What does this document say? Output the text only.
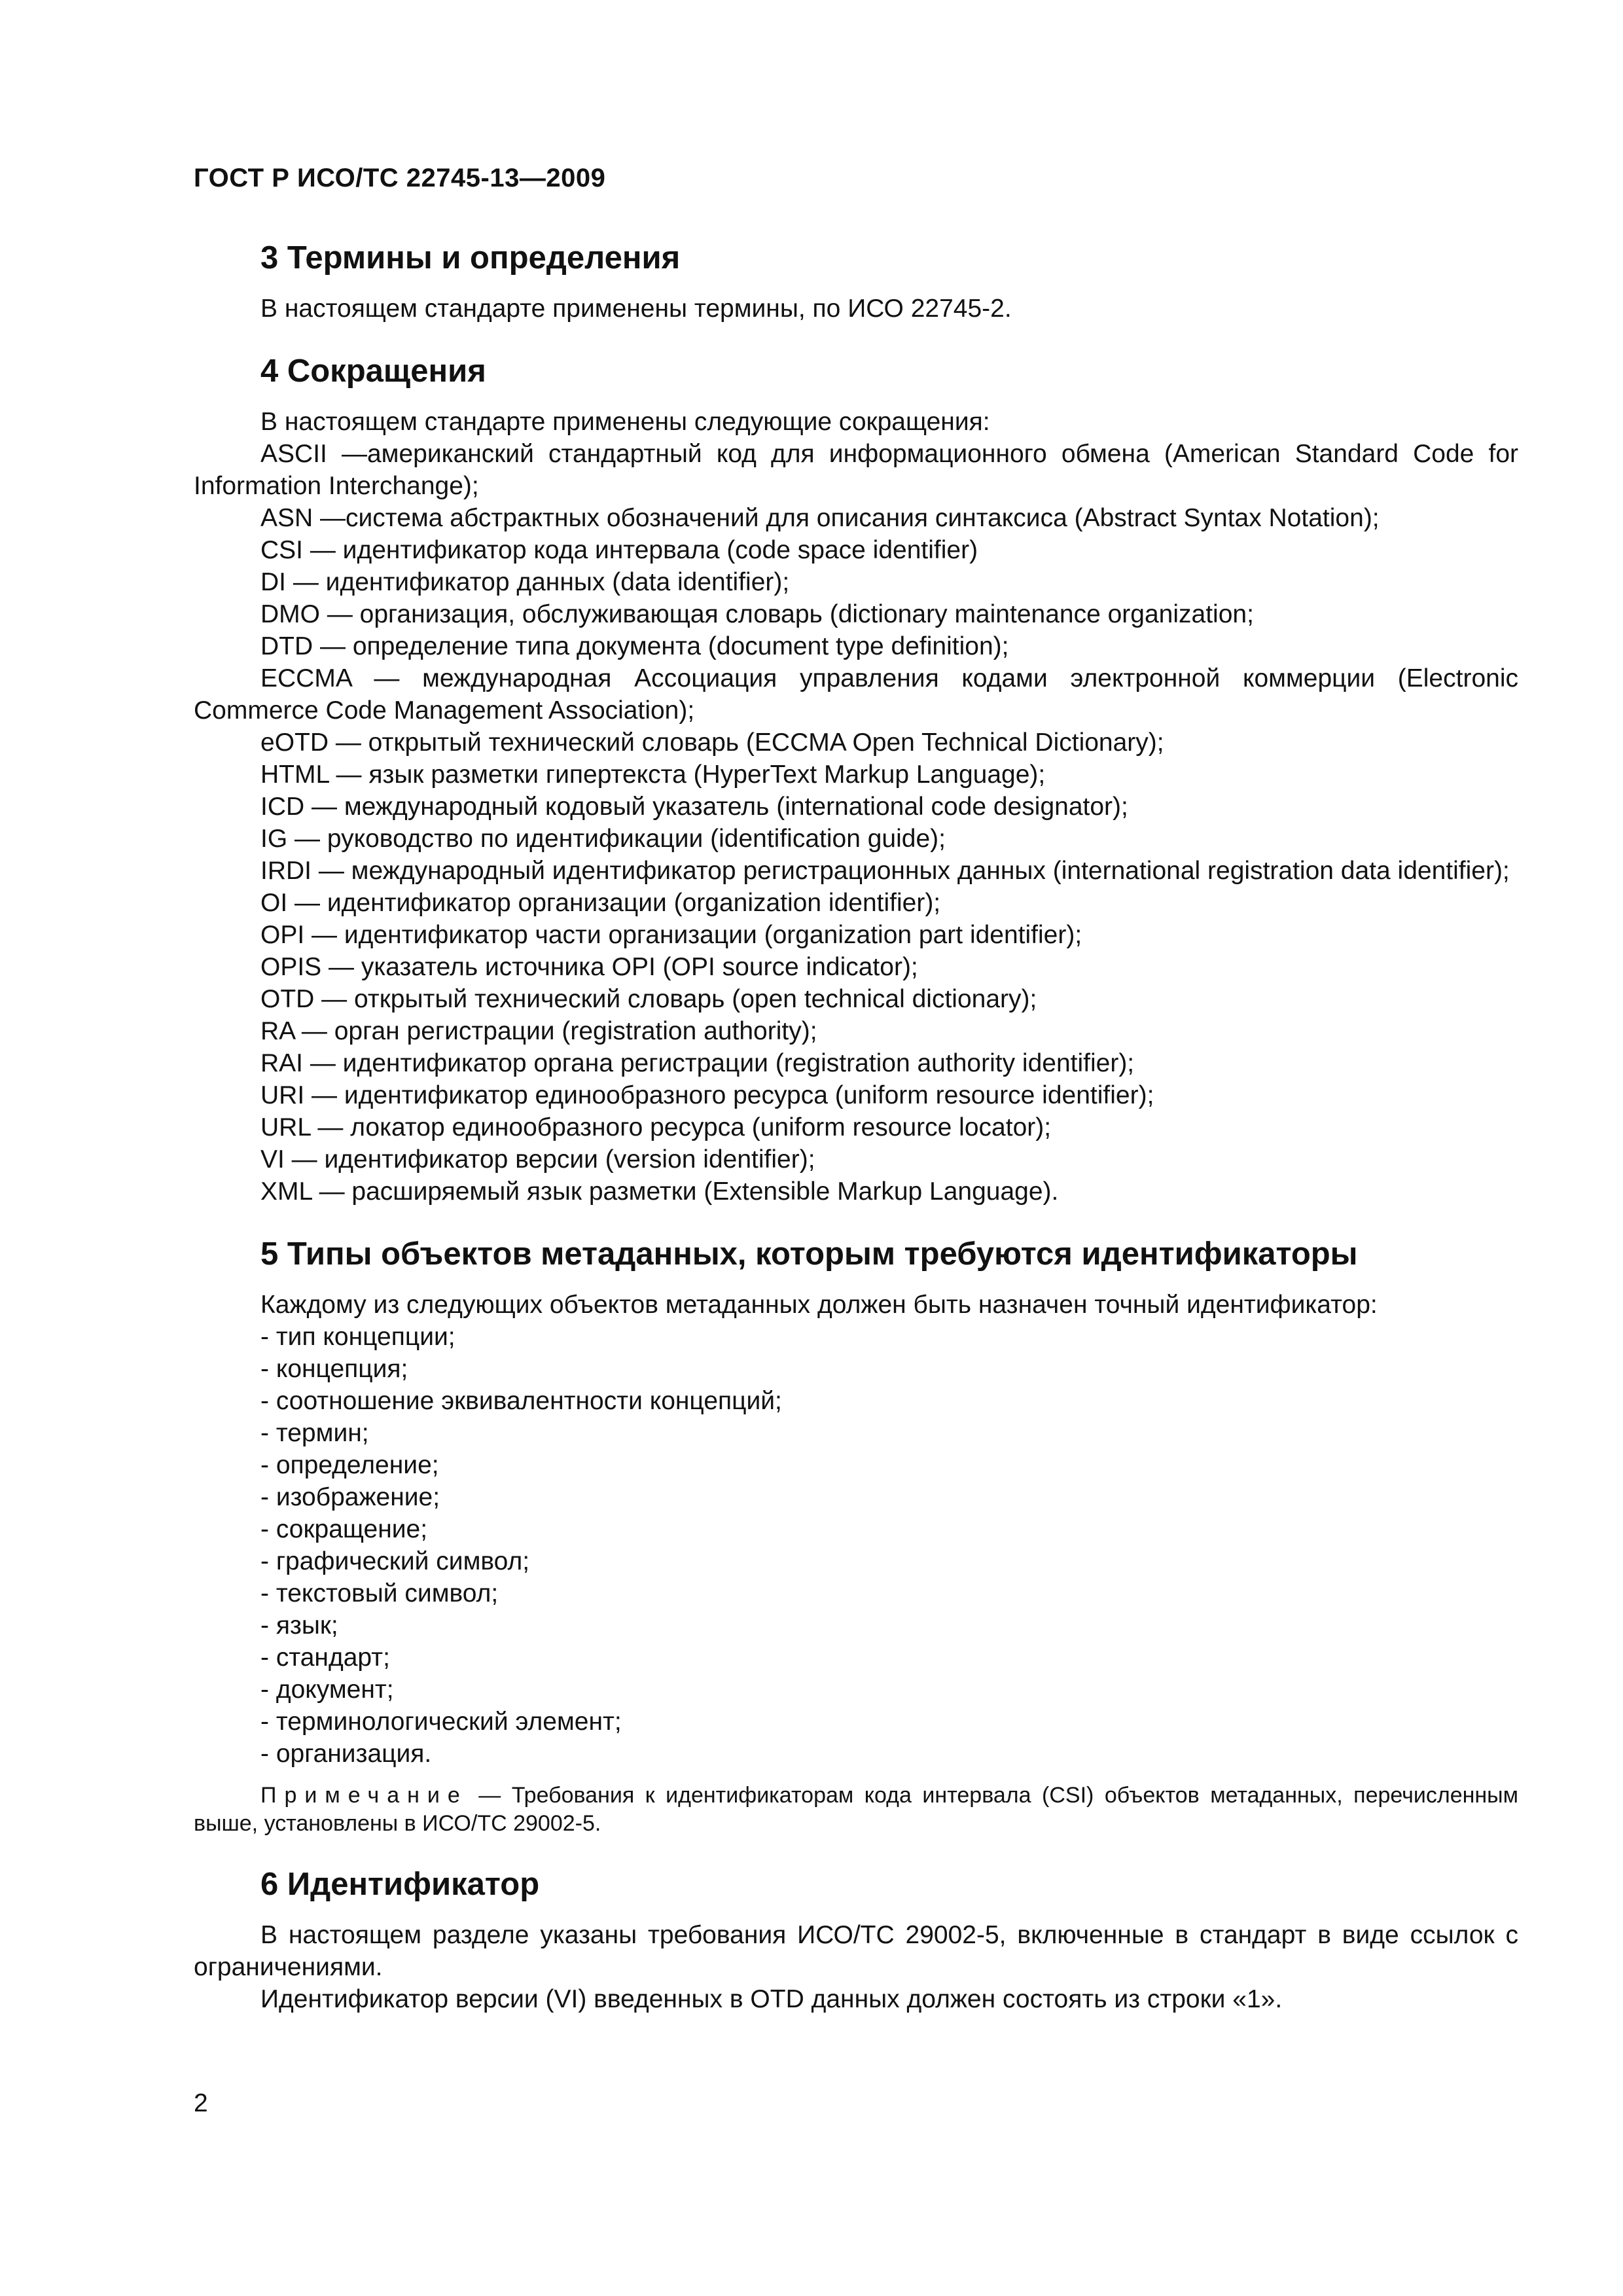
ГОСТ Р ИСО/ТС 22745-13—2009
3 Термины и определения

В настоящем стандарте применены термины, по ИСО 22745-2.

4 Сокращения

В настоящем стандарте применены следующие сокращения:

ASCII —американский стандартный код для информационного обмена (American Standard Code for Information Interchange);

ASN —система абстрактных обозначений для описания синтаксиса (Abstract Syntax Notation);

CSI — идентификатор кода интервала (code space identifier)

DI — идентификатор данных (data identifier);

DMO — организация, обслуживающая словарь (dictionary maintenance organization;

DTD — определение типа документа (document type definition);

ECCMA — международная Ассоциация управления кодами электронной коммерции (Electronic Commerce Code Management Association);

eOTD — открытый технический словарь (ECCMA Open Technical Dictionary);

HTML — язык разметки гипертекста (HyperText Markup Language);

ICD — международный кодовый указатель (international code designator);

IG — руководство по идентификации (identification guide);

IRDI — международный идентификатор регистрационных данных (international registration data identifier);

OI — идентификатор организации (organization identifier);

OPI — идентификатор части организации (organization part identifier);

OPIS — указатель источника OPI (OPI source indicator);

OTD — открытый технический словарь (open technical dictionary);

RA — орган регистрации (registration authority);

RAI — идентификатор органа регистрации (registration authority identifier);

URI — идентификатор единообразного ресурса (uniform resource identifier);

URL — локатор единообразного ресурса (uniform resource locator);

VI — идентификатор версии (version identifier);

XML — расширяемый язык разметки (Extensible Markup Language).

5 Типы объектов метаданных, которым требуются идентификаторы

Каждому из следующих объектов метаданных должен быть назначен точный идентификатор:

- тип концепции;

- концепция;

- соотношение эквивалентности концепций;

- термин;

- определение;

- изображение;

- сокращение;

- графический символ;

- текстовый символ;

- язык;

- стандарт;

- документ;

- терминологический элемент;

- организация.

Примечание — Требования к идентификаторам кода интервала (CSI) объектов метаданных, перечисленным выше, установлены в ИСО/ТС 29002-5.

6 Идентификатор

В настоящем разделе указаны требования ИСО/ТС 29002-5, включенные в стандарт в виде ссылок с ограничениями.

Идентификатор версии (VI) введенных в OTD данных должен состоять из строки «1».

2
